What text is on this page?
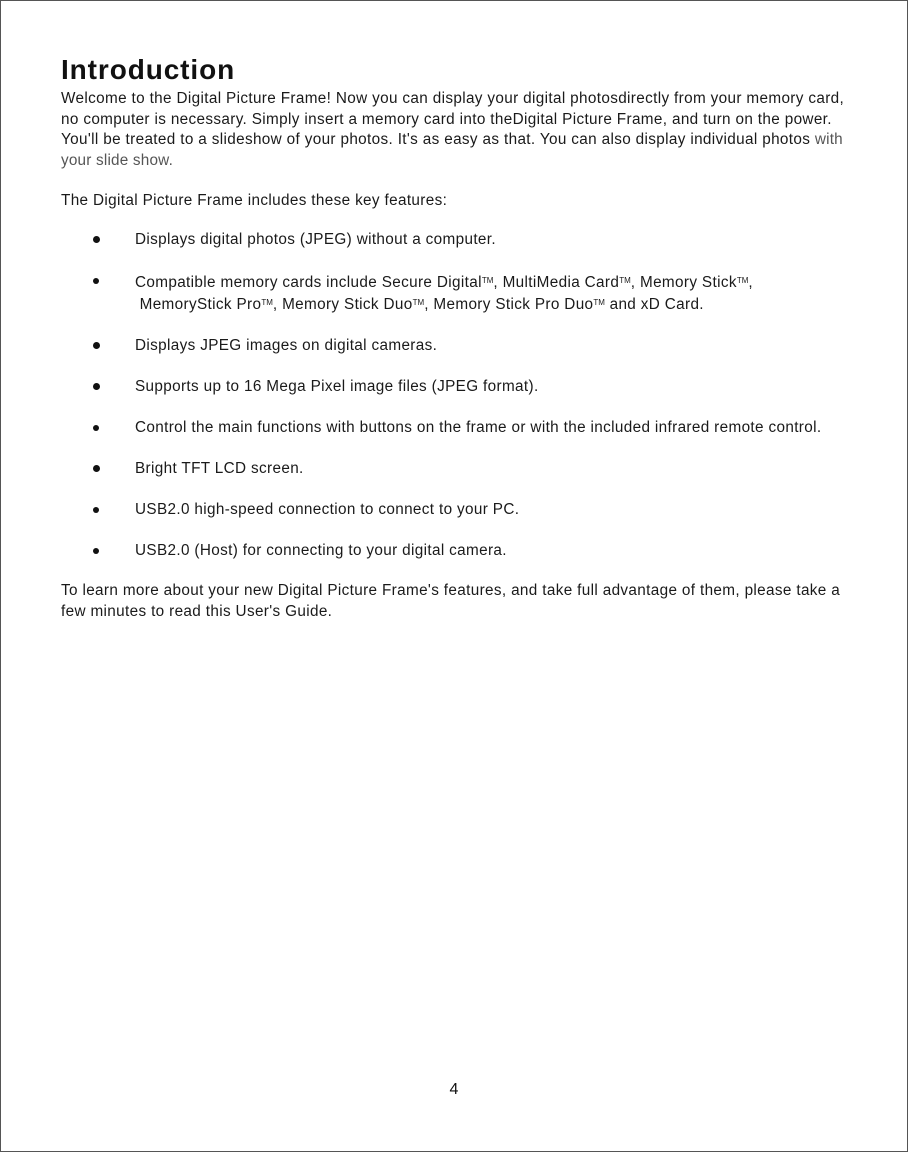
Introduction

Welcome to the Digital Picture Frame! Now you can display your digital photosdirectly from your memory card, no computer is necessary. Simply insert a memory card into theDigital Picture Frame, and turn on the power. You'll be treated to a slideshow of your photos. It's as easy as that. You can also display individual photos with your slide show.

The Digital Picture Frame includes these key features:

Displays digital photos (JPEG) without a computer.
Compatible memory cards include Secure Digital™, MultiMedia Card™, Memory Stick™,
MemoryStick Pro™, Memory Stick Duo™, Memory Stick Pro Duo™ and xD Card.
Displays JPEG images on digital cameras.
Supports up to 16 Mega Pixel image files (JPEG format).
Control the main functions with buttons on the frame or with the included infrared remote control.
Bright TFT LCD screen.
USB2.0 high-speed connection to connect to your PC.
USB2.0 (Host) for connecting to your digital camera.

To learn more about your new Digital Picture Frame's features, and take full advantage of them, please take a few minutes to read this User's Guide.

4
